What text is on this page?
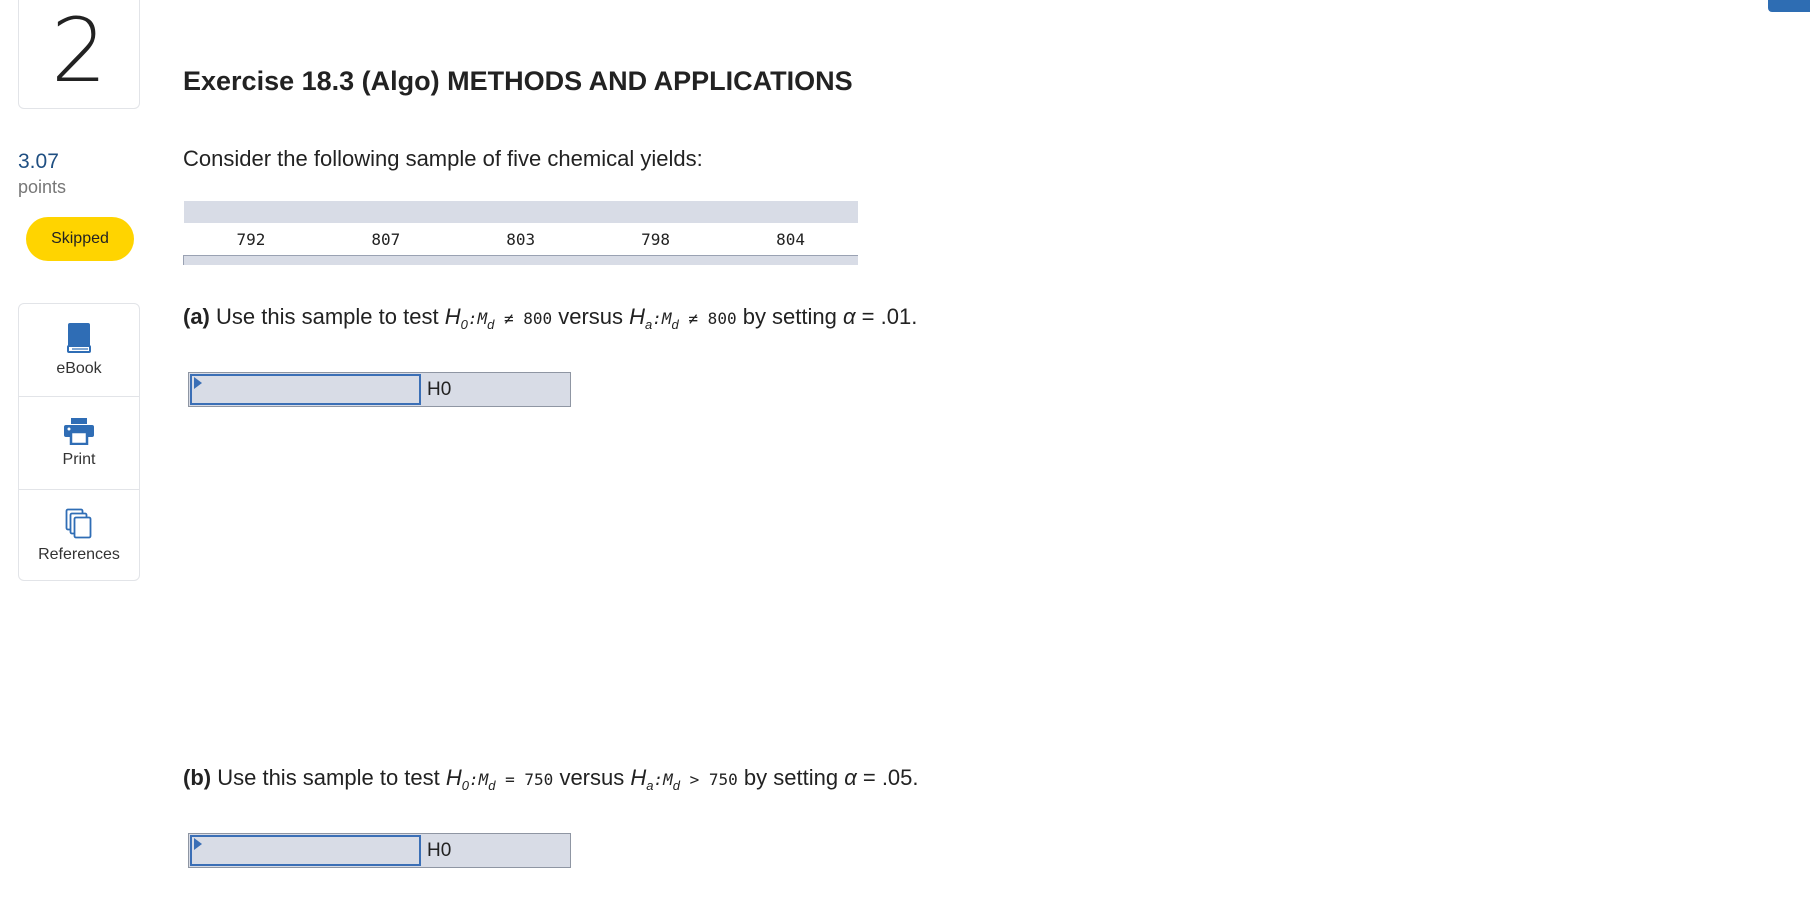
2
3.07
points
Skipped
eBook
Print
References
Exercise 18.3 (Algo) METHODS AND APPLICATIONS
Consider the following sample of five chemical yields:

792	807	803	798	804

(a) Use this sample to test $H_0:M_d \ne 800$ versus $H_a:M_d \ne 800$ by setting α = .01.
H0
(b) Use this sample to test $H_0:M_d = 750$ versus $H_a:M_d > 750$ by setting α = .05.
H0
